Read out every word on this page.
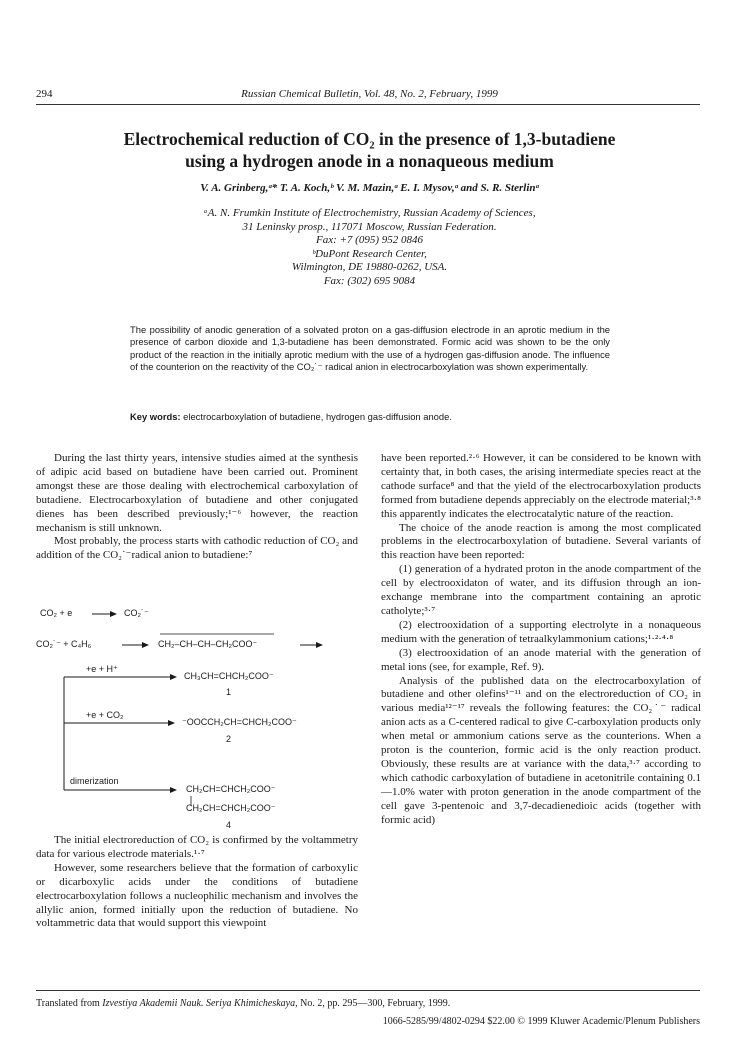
294	Russian Chemical Bulletin, Vol. 48, No. 2, February, 1999
Electrochemical reduction of CO₂ in the presence of 1,3-butadiene
using a hydrogen anode in a nonaqueous medium
V. A. Grinberg,ᵃ* T. A. Koch,ᵇ V. M. Mazin,ᵃ E. I. Mysov,ᵃ and S. R. Sterlinᵃ
ᵃA. N. Frumkin Institute of Electrochemistry, Russian Academy of Sciences,
31 Leninsky prosp., 117071 Moscow, Russian Federation.
Fax: +7 (095) 952 0846
ᵇDuPont Research Center,
Wilmington, DE 19880-0262, USA.
Fax: (302) 695 9084
The possibility of anodic generation of a solvated proton on a gas-diffusion electrode in an aprotic medium in the presence of carbon dioxide and 1,3-butadiene has been demonstrated. Formic acid was shown to be the only product of the reaction in the initially aprotic medium with the use of a hydrogen gas-diffusion anode. The influence of the counterion on the reactivity of the CO₂˙⁻ radical anion in electrocarboxylation was shown experimentally.
Key words: electrocarboxylation of butadiene, hydrogen gas-diffusion anode.

During the last thirty years, intensive studies aimed at the synthesis of adipic acid based on butadiene have been carried out. Prominent amongst these are those dealing with electrochemical carboxylation of butadiene. Electrocarboxylation of butadiene and other conjugated dienes has been described previously;¹⁻⁶ however, the reaction mechanism is still unknown.

Most probably, the process starts with cathodic reduction of CO₂ and addition of the CO₂˙⁻radical anion to butadiene:⁷

CO₂ + e	CO₂˙⁻
CO₂˙⁻ + C₄H₆	CH₂–CH–CH–CH₂COO⁻
+e + H⁺
CH₃CH=CHCH₂COO⁻
1
+e + CO₂
⁻OOCCH₂CH=CHCH₂COO⁻
2
dimerization
CH₂CH=CHCH₂COO⁻
CH₂CH=CHCH₂COO⁻
4

The initial electroreduction of CO₂ is confirmed by the voltammetry data for various electrode materials.¹·⁷

However, some researchers believe that the formation of carboxylic or dicarboxylic acids under the conditions of butadiene electrocarboxylation follows a nucleophilic mechanism and involves the allylic anion, formed initially upon the reduction of butadiene. No voltammetric data that would support this viewpoint

have been reported.²·⁶ However, it can be considered to be known with certainty that, in both cases, the arising intermediate species react at the cathode surface⁸ and that the yield of the electrocarboxylation products formed from butadiene depends appreciably on the electrode material;³·⁸ this apparently indicates the electrocatalytic nature of the reaction.

The choice of the anode reaction is among the most complicated problems in the electrocarboxylation of butadiene. Several variants of this reaction have been reported:

(1) generation of a hydrated proton in the anode compartment of the cell by electrooxidaton of water, and its diffusion through an ion-exchange membrane into the compartment containing an aprotic catholyte;³·⁷

(2) electrooxidation of a supporting electrolyte in a nonaqueous medium with the generation of tetraalkylammonium cations;¹·²·⁴·⁸

(3) electrooxidation of an anode material with the generation of metal ions (see, for example, Ref. 9).

Analysis of the published data on the electrocarboxylation of butadiene and other olefins¹⁻¹¹ and on the electroreduction of CO₂ in various media¹²⁻¹⁷ reveals the following features: the CO₂˙⁻ radical anion acts as a C-centered radical to give C-carboxylation products only when metal or ammonium cations serve as the counterions. When a proton is the counterion, formic acid is the only reaction product. Obviously, these results are at variance with the data,³·⁷ according to which cathodic carboxylation of butadiene in acetonitrile containing 0.1—1.0% water with proton generation in the anode compartment of the cell gave 3-pentenoic and 3,7-decadienedioic acids (together with formic acid)

Translated from Izvestiya Akademii Nauk. Seriya Khimicheskaya, No. 2, pp. 295—300, February, 1999.
1066-5285/99/4802-0294 $22.00 © 1999 Kluwer Academic/Plenum Publishers
